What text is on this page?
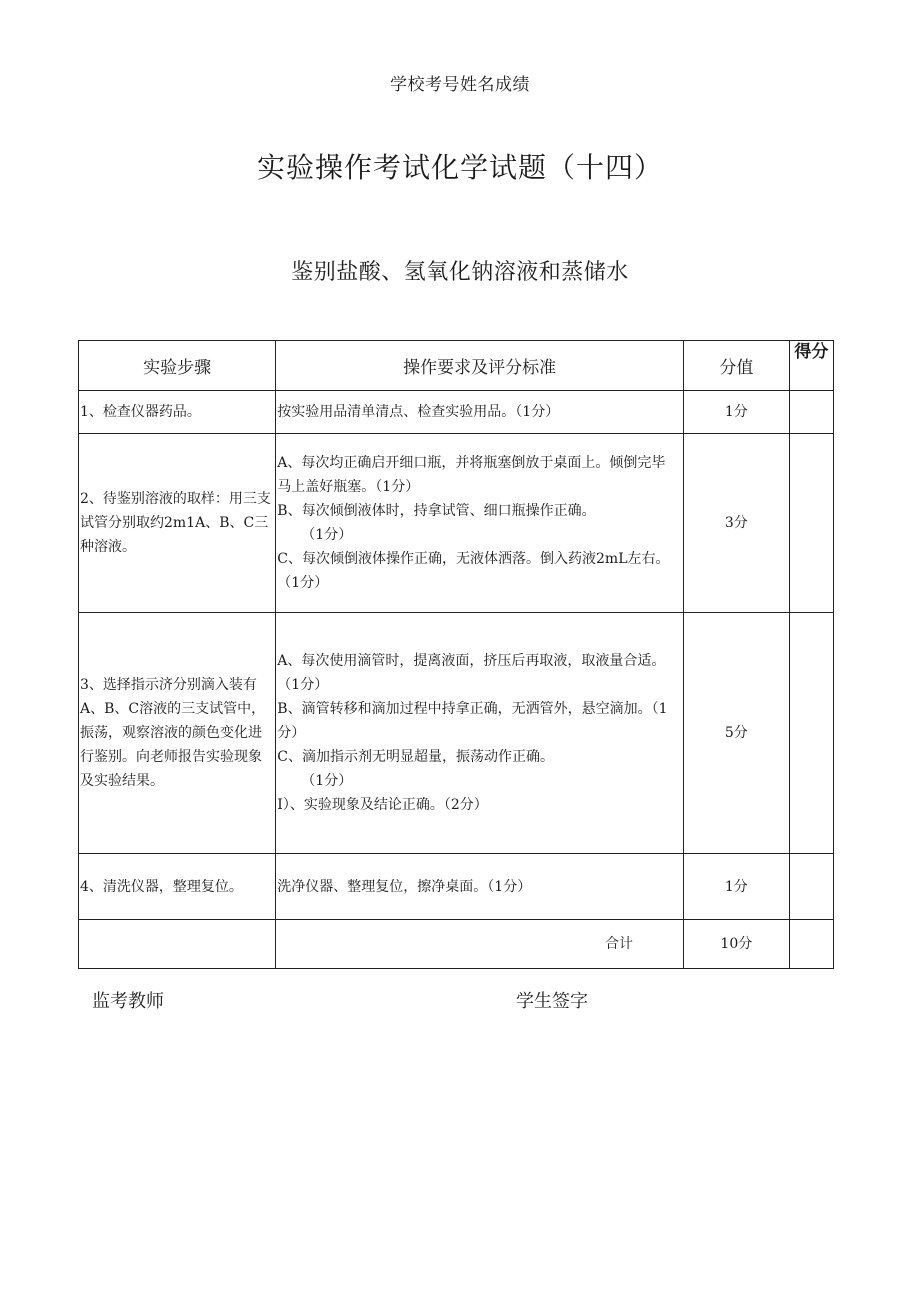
学校考号姓名成绩
实验操作考试化学试题（十四）
鉴别盐酸、氢氧化钠溶液和蒸储水
实验步骤	操作要求及评分标准	分值	得分
1、检查仪器药品。	按实验用品清单清点、检查实验用品。（1分）	1分	
2、待鉴别溶液的取样：用三支试管分别取约2m1A、B、C三种溶液。	A、每次均正确启开细口瓶，并将瓶塞倒放于桌面上。倾倒完毕马上盖好瓶塞。（1分）
B、每次倾倒液体时，持拿试管、细口瓶操作正确。
（1分）
C、每次倾倒液体操作正确，无液体洒落。倒入药液2mL左右。（1分）	3分	
3、选择指示济分别滴入装有A、B、C溶液的三支试管中，振荡，观察溶液的颜色变化进行鉴别。向老师报告实验现象及实验结果。	A、每次使用滴管时，提离液面，挤压后再取液，取液量合适。（1分）
B、滴管转移和滴加过程中持拿正确，无洒管外，悬空滴加。（1分）
C、滴加指示剂无明显超量，振荡动作正确。
（1分）
I）、实验现象及结论正确。（2分）	5分	
4、清洗仪器，整理复位。	洗净仪器、整理复位，擦净桌面。（1分）	1分	
	合计	10分	
监考教师	学生签字
